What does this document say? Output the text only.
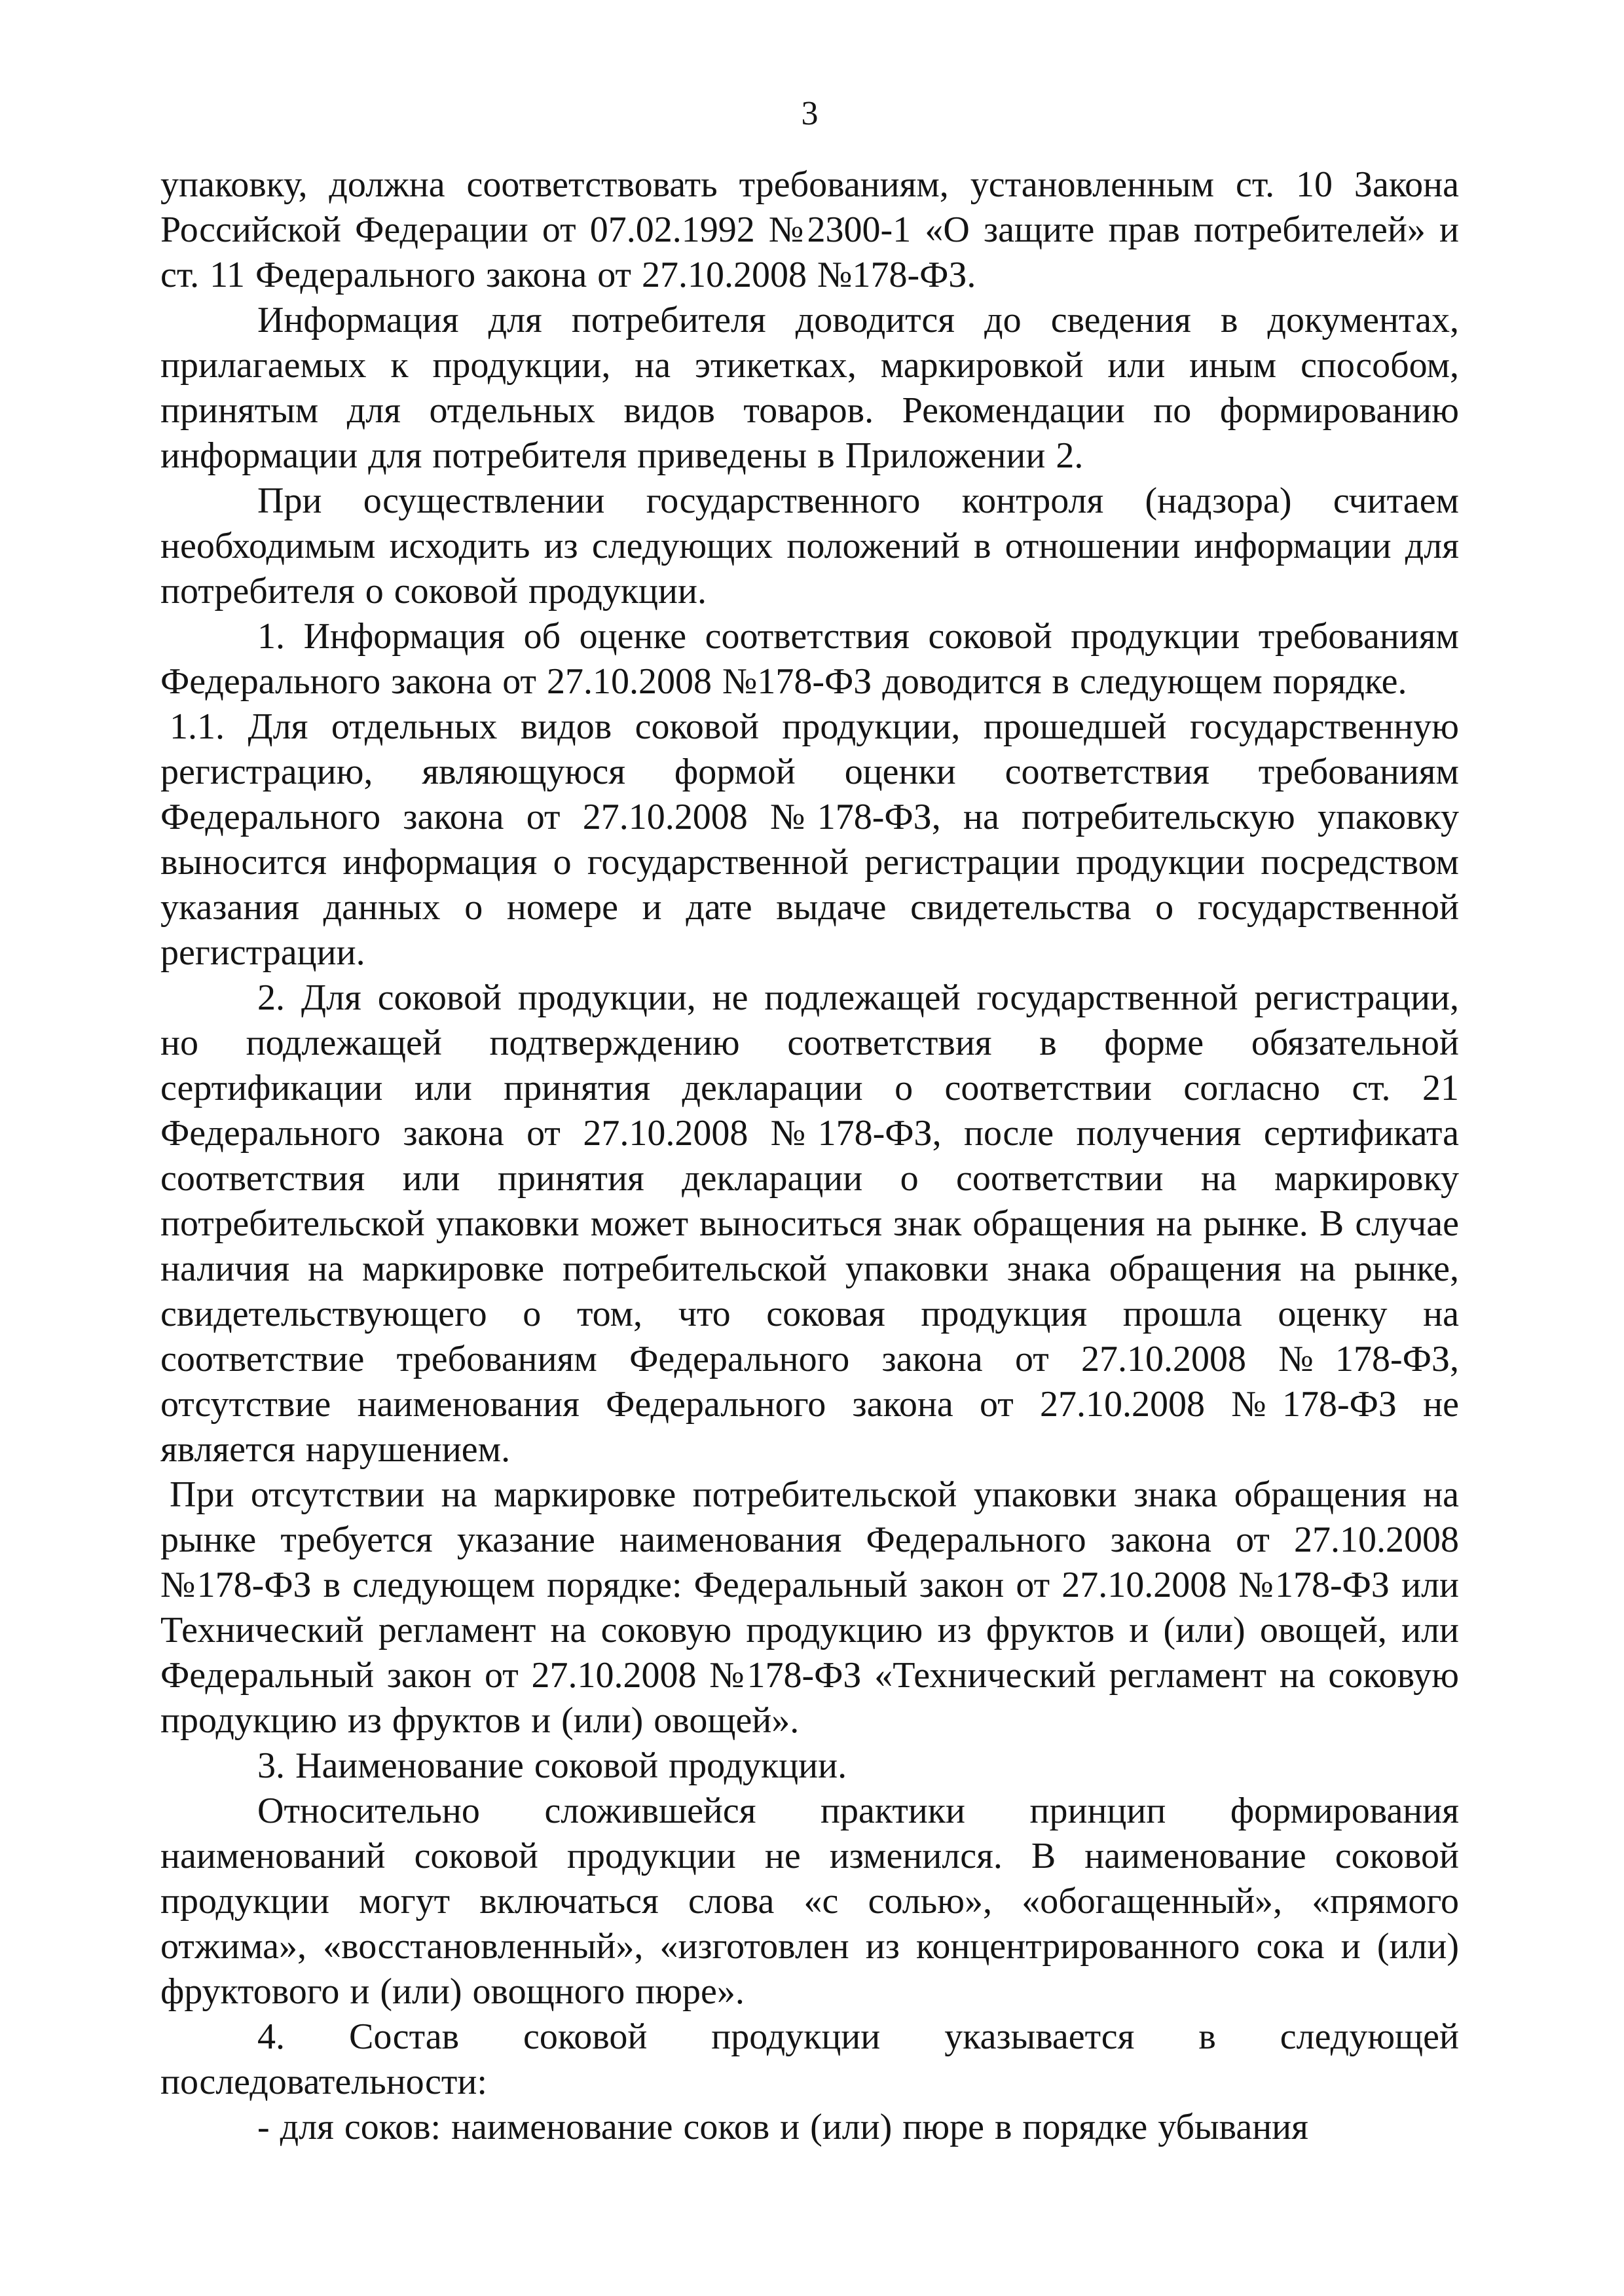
3

упаковку, должна соответствовать требованиям, установленным ст. 10 Закона Российской Федерации от 07.02.1992 №2300-1 «О защите прав потребителей» и ст. 11 Федерального закона от 27.10.2008 №178-ФЗ.

Информация для потребителя доводится до сведения в документах, прилагаемых к продукции, на этикетках, маркировкой или иным способом, принятым для отдельных видов товаров. Рекомендации по формированию информации для потребителя приведены в Приложении 2.

При осуществлении государственного контроля (надзора) считаем необходимым исходить из следующих положений в отношении информации для потребителя о соковой продукции.

1. Информация об оценке соответствия соковой продукции требованиям Федерального закона от 27.10.2008 №178-ФЗ доводится в следующем порядке.

1.1. Для отдельных видов соковой продукции, прошедшей государственную регистрацию, являющуюся формой оценки соответствия требованиям Федерального закона от 27.10.2008 №178-ФЗ, на потребительскую упаковку выносится информация о государственной регистрации продукции посредством указания данных о номере и дате выдаче свидетельства о государственной регистрации.

2. Для соковой продукции, не подлежащей государственной регистрации, но подлежащей подтверждению соответствия в форме обязательной сертификации или принятия декларации о соответствии согласно ст. 21 Федерального закона от 27.10.2008 №178-ФЗ, после получения сертификата соответствия или принятия декларации о соответствии на маркировку потребительской упаковки может выноситься знак обращения на рынке. В случае наличия на маркировке потребительской упаковки знака обращения на рынке, свидетельствующего о том, что соковая продукция прошла оценку на соответствие требованиям Федерального закона от 27.10.2008 №178-ФЗ, отсутствие наименования Федерального закона от 27.10.2008 №178-ФЗ не является нарушением.

При отсутствии на маркировке потребительской упаковки знака обращения на рынке требуется указание наименования Федерального закона от 27.10.2008 №178-ФЗ в следующем порядке: Федеральный закон от 27.10.2008 №178-ФЗ или Технический регламент на соковую продукцию из фруктов и (или) овощей, или Федеральный закон от 27.10.2008 №178-ФЗ «Технический регламент на соковую продукцию из фруктов и (или) овощей».

3. Наименование соковой продукции.

Относительно сложившейся практики принцип формирования наименований соковой продукции не изменился. В наименование соковой продукции могут включаться слова «с солью», «обогащенный», «прямого отжима», «восстановленный», «изготовлен из концентрированного сока и (или) фруктового и (или) овощного пюре».

4. Состав соковой продукции указывается в следующей последовательности:

- для соков: наименование соков и (или) пюре в порядке убывания
